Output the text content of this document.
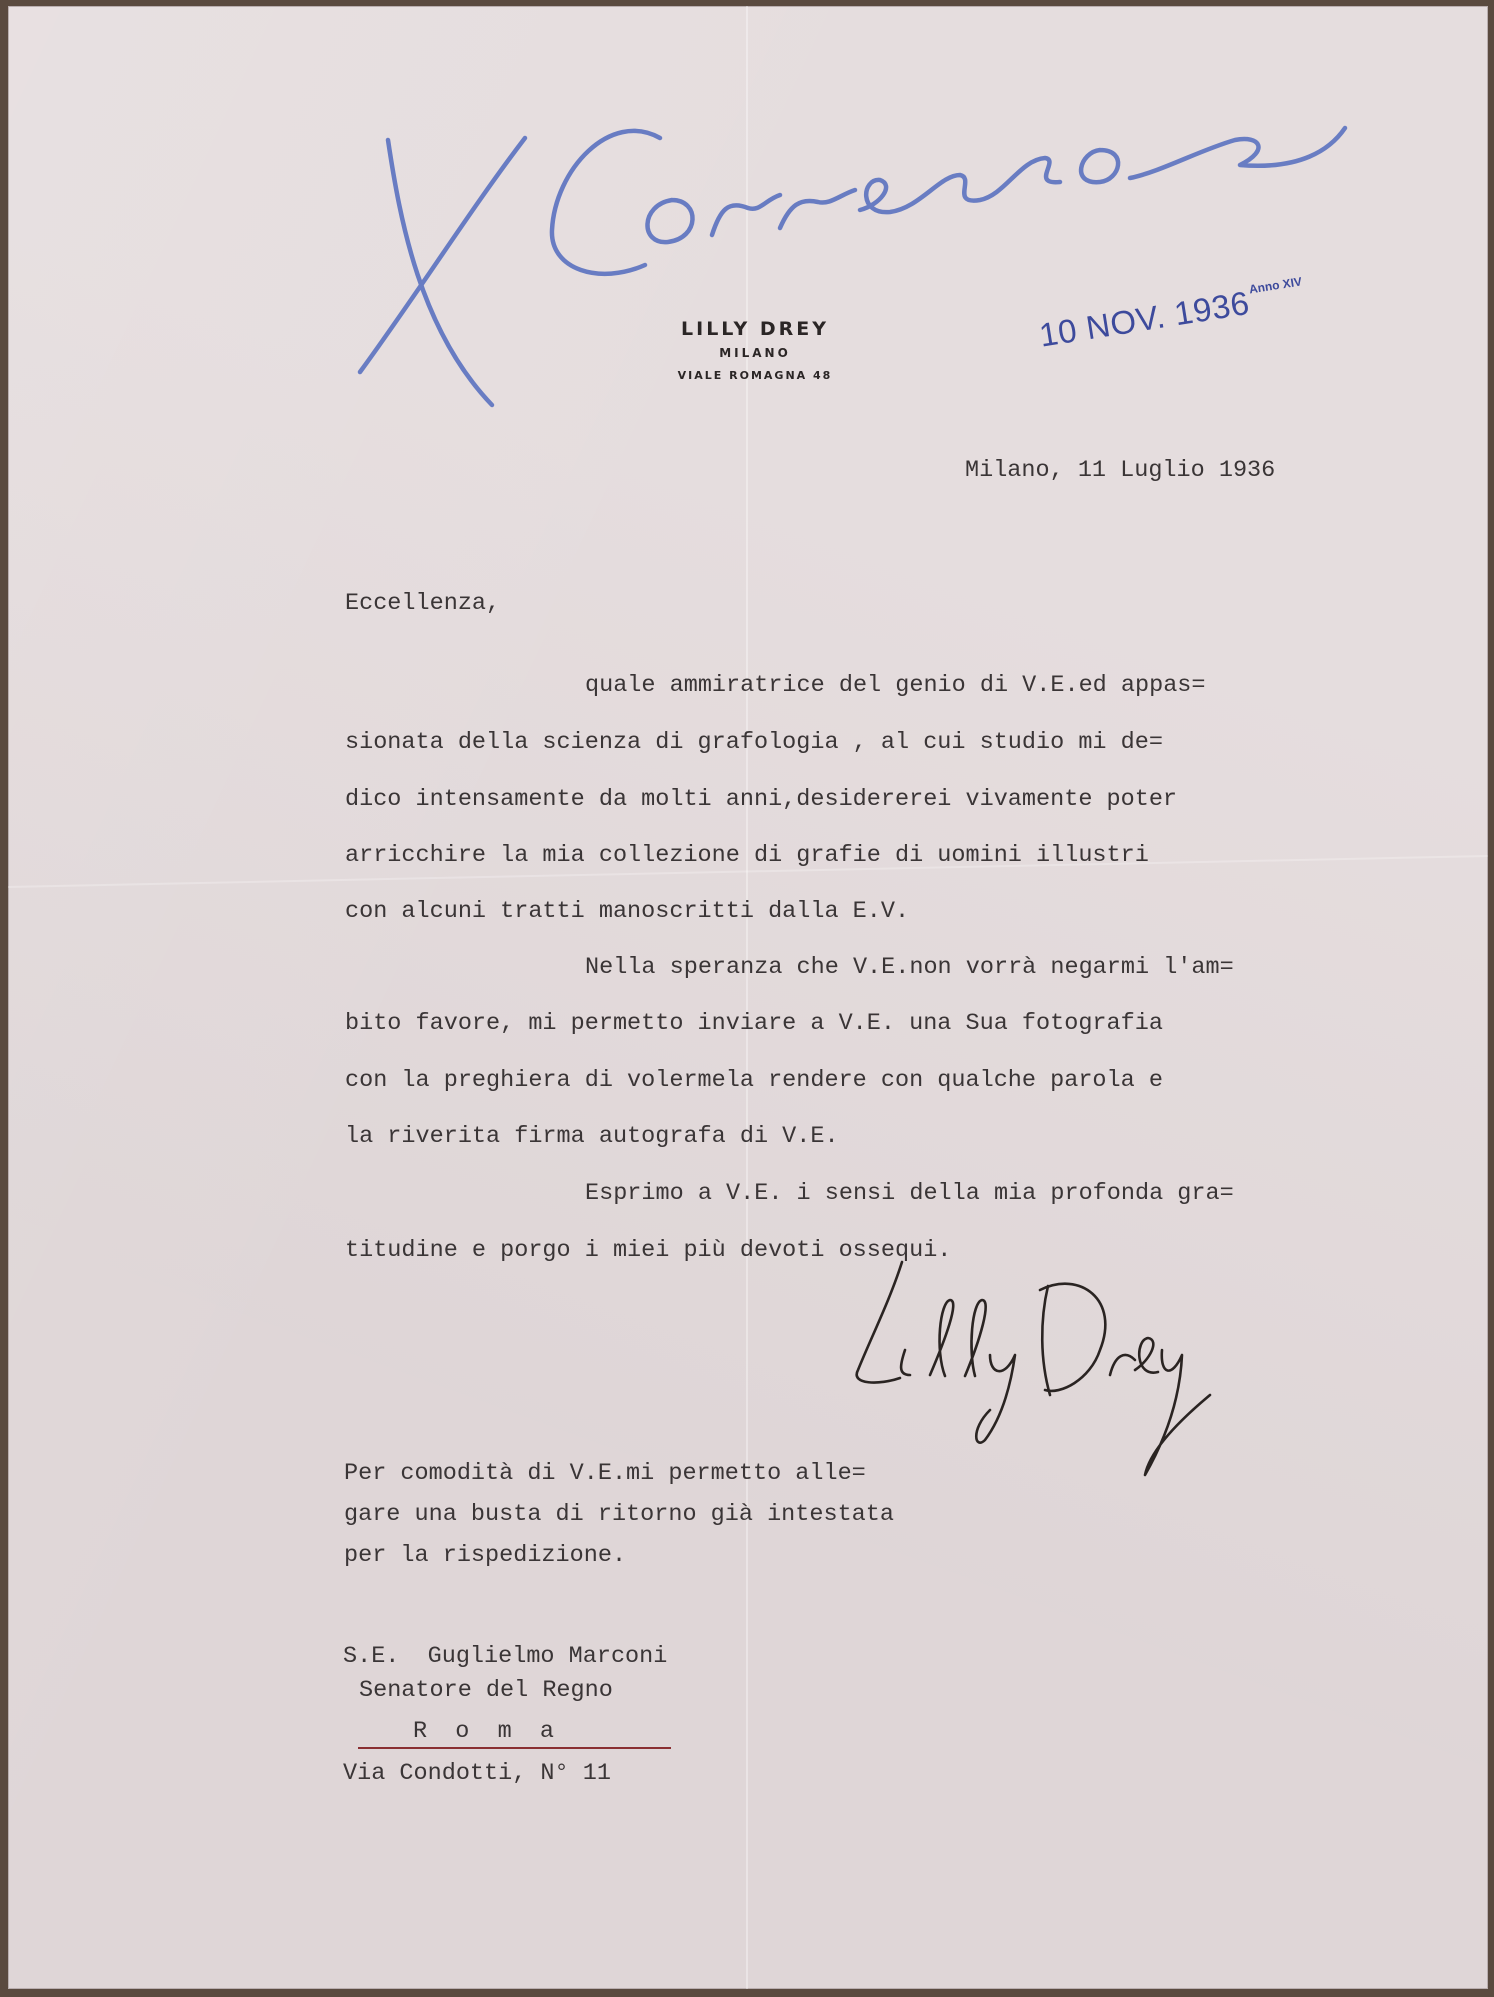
LILLY DREY
MILANO
VIALE ROMAGNA 48
10 NOV. $1936^{Anno XIV}$
Milano, 11 Luglio 1936
Eccellenza,
quale ammiratrice del genio di V.E.ed appas=
sionata della scienza di grafologia , al cui studio mi de=
dico intensamente da molti anni,desidererei vivamente poter
arricchire la mia collezione di grafie di uomini illustri
con alcuni tratti manoscritti dalla E.V.
Nella speranza che V.E.non vorrà negarmi l'am=
bito favore, mi permetto inviare a V.E. una Sua fotografia
con la preghiera di volermela rendere con qualche parola e
la riverita firma autografa di V.E.
Esprimo a V.E. i sensi della mia profonda gra=
titudine e porgo i miei più devoti ossequi.
Per comodità di V.E.mi permetto alle=
gare una busta di ritorno già intestata
per la rispedizione.
S.E.  Guglielmo Marconi
Senatore del Regno
R  o  m  a
Via Condotti, N° 11
